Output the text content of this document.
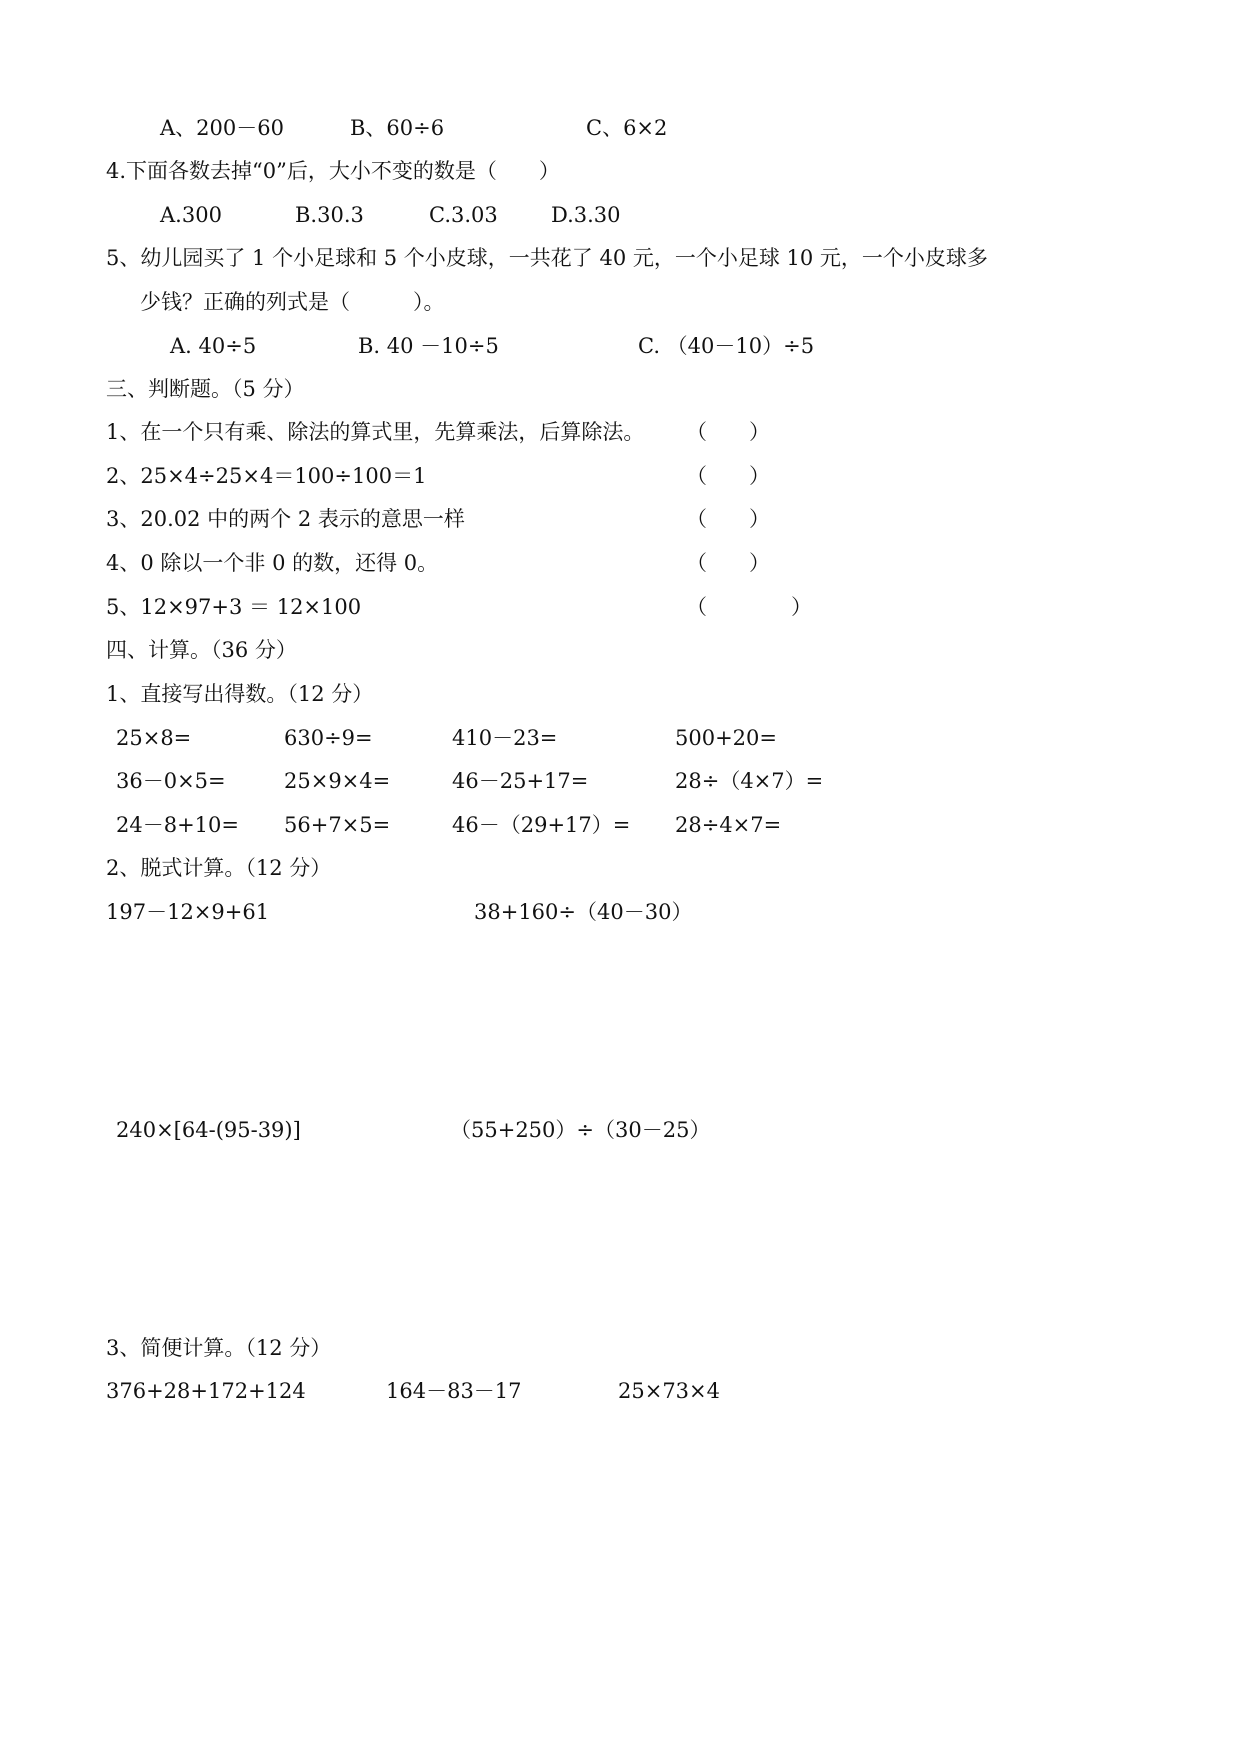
A、200－60	B、60÷6	C、6×2
4.下面各数去掉“0”后，大小不变的数是（　　）
A.300	B.30.3	C.3.03	D.3.30
5、幼儿园买了 1 个小足球和 5 个小皮球，一共花了 40 元，一个小足球 10 元，一个小皮球多
少钱？正确的列式是（　　　）。
A. 40÷5	B. 40 －10÷5	C. （40－10）÷5
三、判断题。（5 分）
1、在一个只有乘、除法的算式里，先算乘法，后算除法。 （　　）
2、25×4÷25×4＝100÷100＝1	（　　）
3、20.02 中的两个 2 表示的意思一样	（　　）
4、0 除以一个非 0 的数，还得 0。	（　　）
5、12×97+3 ＝ 12×100	（　　　　）
四、计算。（36 分）
1、直接写出得数。（12 分）
25×8=	630÷9=	410－23=	500+20=
36－0×5=	25×9×4=	46－25+17=	28÷（4×7）=
24－8+10= 56+7×5=	46－（29+17）= 28÷4×7=
2、脱式计算。（12 分）
197－12×9+61	38+160÷（40－30）
240×[64-(95-39)]	（55+250）÷（30－25）
3、简便计算。（12 分）
376+28+172+124	164－83－17	25×73×4
